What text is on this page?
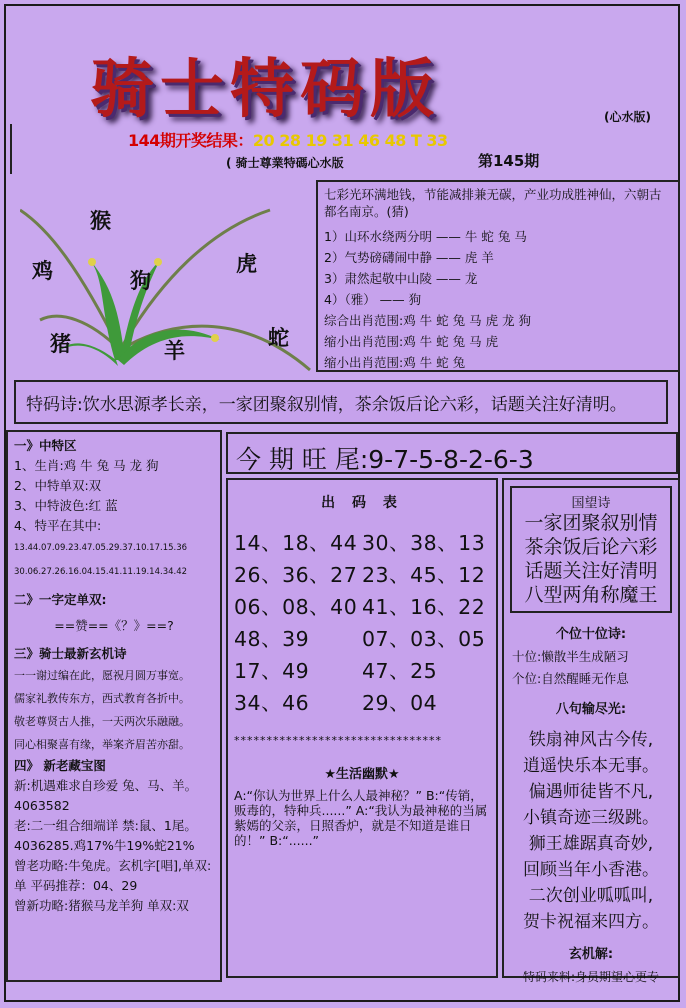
骑士特码版	(心水版)
144期开奖结果：20 28 19 31 46 48 T 33
( 骑士尊業特碼心水版	第145期
猴
鸡	狗
虎
猪	羊
蛇
七彩光环满地钱，节能减排兼无碳，产业功成胜神仙，六朝古都名南京。(猜)
1）山环水绕两分明 —— 牛 蛇 兔 马
2）气势磅礴闹中静 —— 虎 羊
3）肃然起敬中山陵 —— 龙
4）（雅） —— 狗
综合出肖范围:鸡 牛 蛇 兔 马 虎 龙 狗
缩小出肖范围:鸡 牛 蛇 兔 马 虎
缩小出肖范围:鸡 牛 蛇 兔
特码诗:饮水思源孝长亲，一家团聚叙别情，茶余饭后论六彩，话题关注好清明。
一》中特区
1、生肖:鸡 牛 兔 马 龙 狗
2、中特单双:双
3、中特波色:红 蓝
4、特平在其中:
13.44.07.09.23.47.05.29.37.10.17.15.36
30.06.27.26.16.04.15.41.11.19.14.34.42
二》一字定单双:
==赞==《？》==?
三》骑士最新玄机诗
一一谢过编在此，愿祝月圆万事宽。
儒家礼教传东方，西式教育各折中。
敬老尊贤古人推，一天两次乐融融。
同心相聚喜有缘，举案齐眉苦亦甜。
四》 新老藏宝图
新:机遇难求自珍爱 兔、马、羊。4063582
老:二一组合细端详 禁:鼠、1尾。4036285.鸡17%牛19%蛇21%
曾老功略:牛兔虎。玄机字[唱],单双:单 平码推荐：04、29
曾新功略:猪猴马龙羊狗 单双:双
今 期 旺 尾:9-7-5-8-2-6-3
出 码 表
14、18、44 30、38、13
26、36、27 23、45、12
06、08、40 41、16、22
48、39	07、03、05
17、49	47、25
34、46	29、04
********************************
★生活幽默★
A:“你认为世界上什么人最神秘？” B:“传销，贩毒的，特种兵......” A:“我认为最神秘的当属紫嫣的父亲，日照香炉，就是不知道是谁日的！” B:“......”
国望诗
一家团聚叙别情
茶余饭后论六彩
话题关注好清明
八型两角称魔王
个位十位诗:
十位:懒散半生成陋习
个位:自然醒睡无作息
八句输尽光:
铁扇神风古今传,
逍遥快乐本无事。
偏遇师徒皆不凡,
小镇奇迹三级跳。
狮王雄踞真奇妙,
回顾当年小香港。
二次创业呱呱叫,
贺卡祝福来四方。
玄机解:
特码来料:身员期望心更专
